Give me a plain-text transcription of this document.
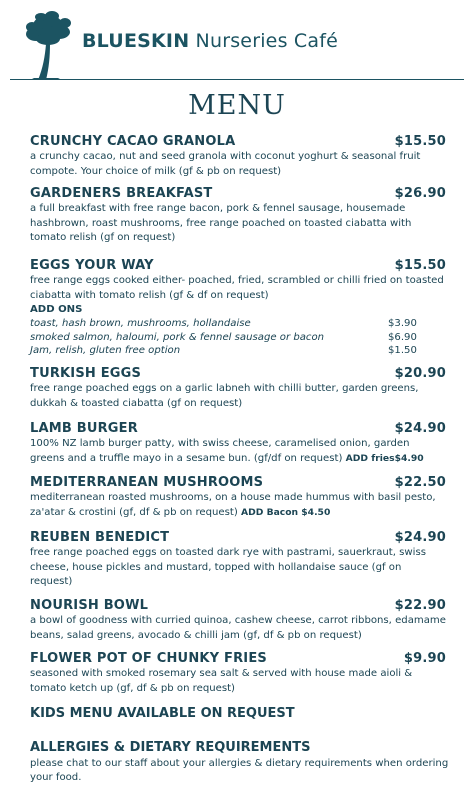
BLUESKIN Nurseries Café
MENU
CRUNCHY CACAO GRANOLA	$15.50
a crunchy cacao, nut and seed granola with coconut yoghurt & seasonal fruit compote. Your choice of milk (gf & pb on request)
GARDENERS BREAKFAST	$26.90
a full breakfast with free range bacon, pork & fennel sausage, housemade hashbrown, roast mushrooms, free range poached on toasted ciabatta with tomato relish (gf on request)
EGGS YOUR WAY	$15.50
free range eggs cooked either- poached, fried, scrambled or chilli fried on toasted ciabatta with tomato relish (gf & df on request)
ADD ONS
toast, hash brown, mushrooms, hollandaise	$3.90
smoked salmon, haloumi, pork & fennel sausage or bacon	$6.90
Jam, relish, gluten free option	$1.50
TURKISH EGGS	$20.90
free range poached eggs on a garlic labneh with chilli butter, garden greens, dukkah & toasted ciabatta (gf on request)
LAMB BURGER	$24.90
100% NZ lamb burger patty, with swiss cheese, caramelised onion, garden greens and a truffle mayo in a sesame bun. (gf/df on request) ADD fries$4.90
MEDITERRANEAN MUSHROOMS	$22.50
mediterranean roasted mushrooms, on a house made hummus with basil pesto, za'atar & crostini (gf, df & pb on request) ADD Bacon $4.50
REUBEN BENEDICT	$24.90
free range poached eggs on toasted dark rye with pastrami, sauerkraut, swiss cheese, house pickles and mustard, topped with hollandaise sauce (gf on request)
NOURISH BOWL	$22.90
a bowl of goodness with curried quinoa, cashew cheese, carrot ribbons, edamame beans, salad greens, avocado & chilli jam (gf, df & pb on request)
FLOWER POT OF CHUNKY FRIES	$9.90
seasoned with smoked rosemary sea salt & served with house made aioli & tomato ketch up (gf, df & pb on request)
KIDS MENU AVAILABLE ON REQUEST
ALLERGIES & DIETARY REQUIREMENTS
please chat to our staff about your allergies & dietary requirements when ordering your food.
